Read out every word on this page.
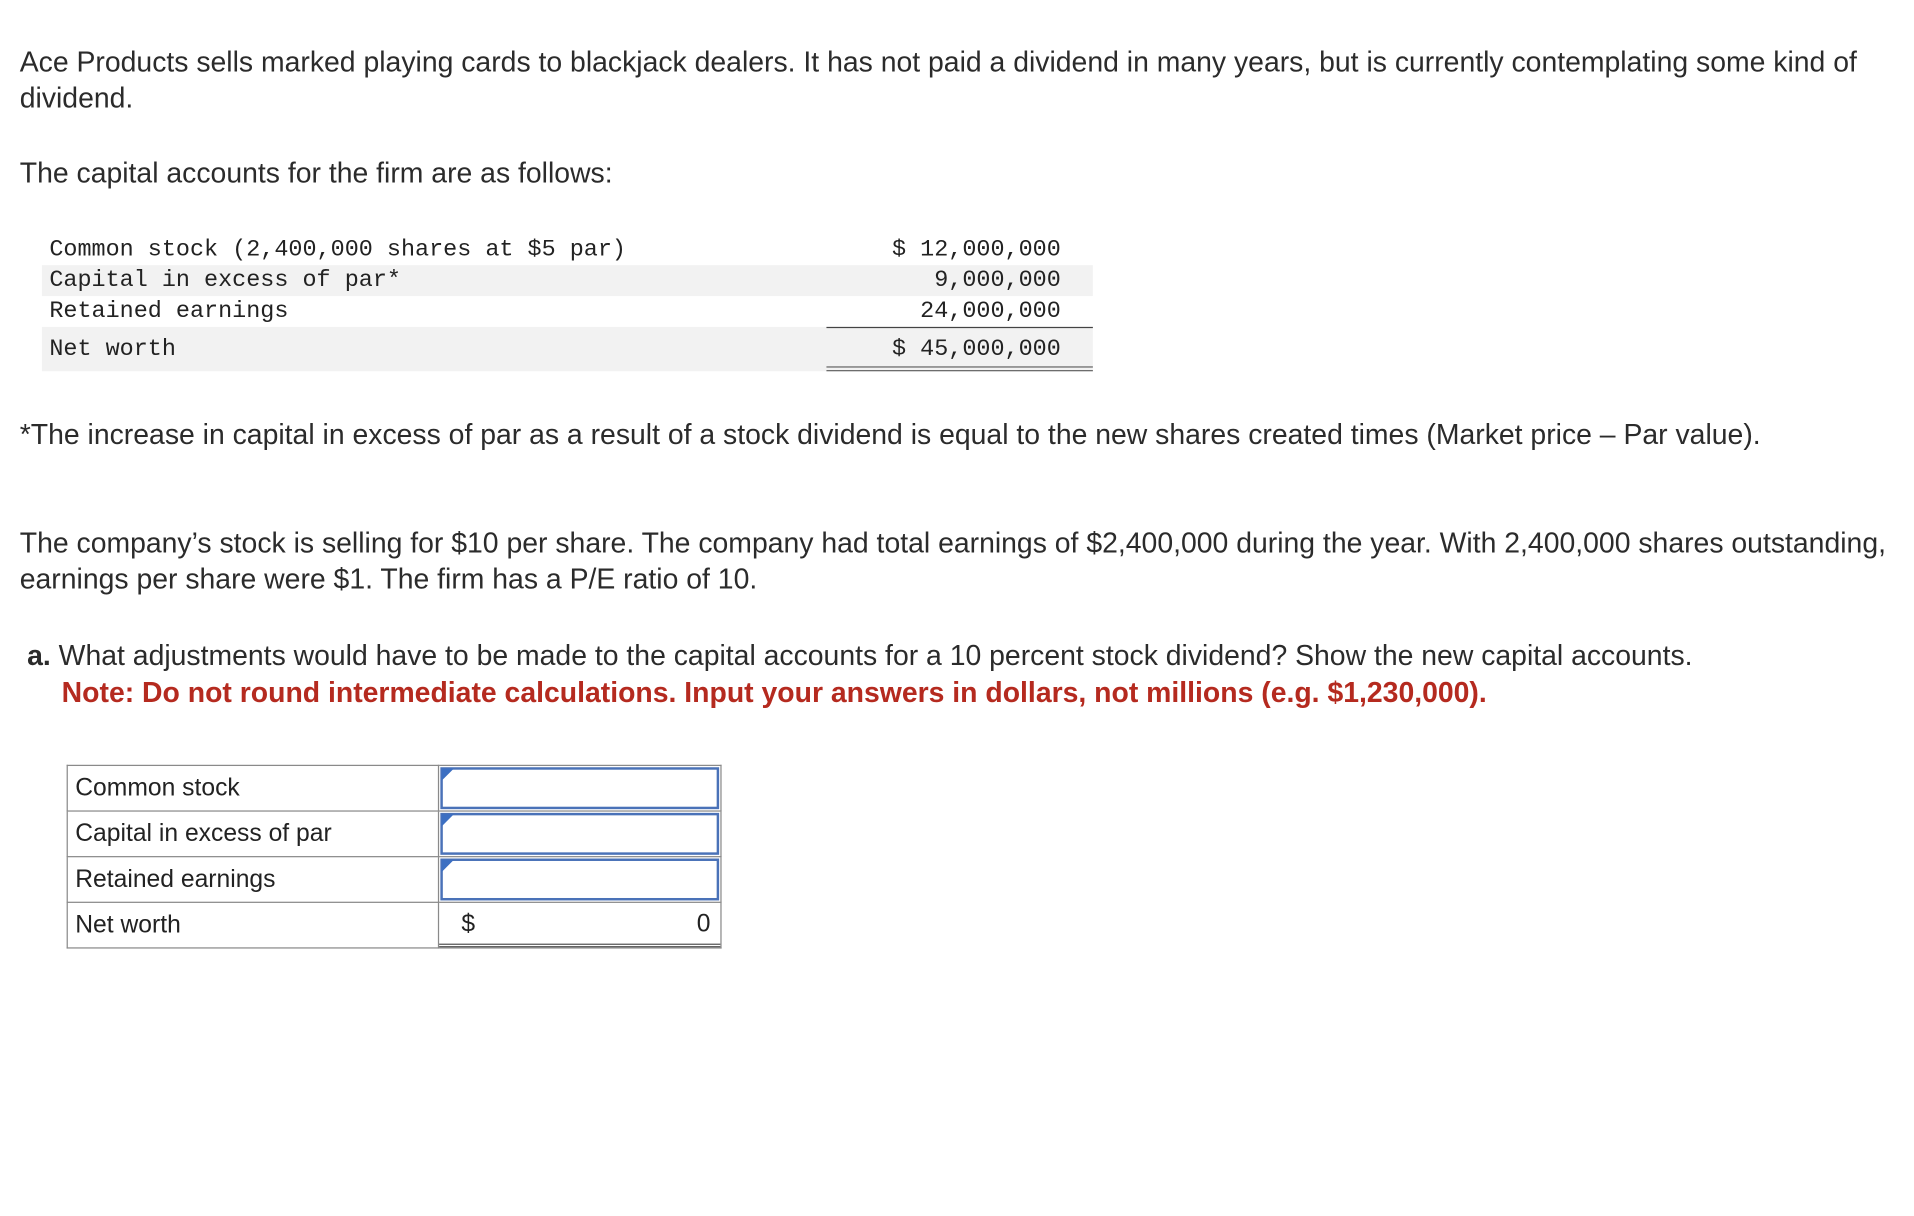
Ace Products sells marked playing cards to blackjack dealers. It has not paid a dividend in many years, but is currently contemplating some kind of dividend.
The capital accounts for the firm are as follows:
Common stock (2,400,000 shares at $5 par)	$ 12,000,000
Capital in excess of par*	9,000,000
Retained earnings	24,000,000
Net worth	$ 45,000,000
*The increase in capital in excess of par as a result of a stock dividend is equal to the new shares created times (Market price – Par value).
The company’s stock is selling for $10 per share. The company had total earnings of $2,400,000 during the year. With 2,400,000 shares outstanding, earnings per share were $1. The firm has a P/E ratio of 10.
a. What adjustments would have to be made to the capital accounts for a 10 percent stock dividend? Show the new capital accounts.
Note: Do not round intermediate calculations. Input your answers in dollars, not millions (e.g. $1,230,000).
Common stock	

Capital in excess of par	

Retained earnings	

Net worth	$ 0
